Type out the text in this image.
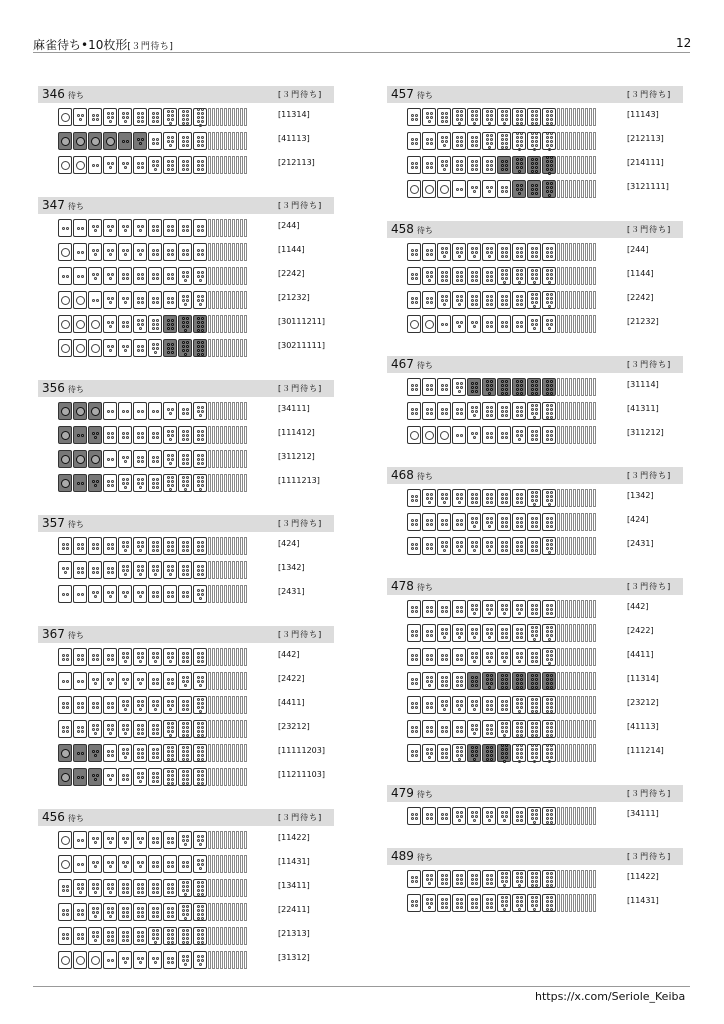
麻雀待ち•10枚形[３門待ち]	12
346 待ち	[３門待ち]
[11314]
[41113]
[212113]
347 待ち	[３門待ち]
[244]
[1144]
[2242]
[21232]
[30111211]
[30211111]
356 待ち	[３門待ち]
[34111]
[111412]
[311212]
[1111213]
357 待ち	[３門待ち]
[424]
[1342]
[2431]
367 待ち	[３門待ち]
[442]
[2422]
[4411]
[23212]
[11111203]
[11211103]
456 待ち	[３門待ち]
[11422]
[11431]
[13411]
[22411]
[21313]
[31312]
457 待ち	[３門待ち]
[11143]
[212113]
[214111]
[3121111]
458 待ち	[３門待ち]
[244]
[1144]
[2242]
[21232]
467 待ち	[３門待ち]
[31114]
[41311]
[311212]
468 待ち	[３門待ち]
[1342]
[424]
[2431]
478 待ち	[３門待ち]
[442]
[2422]
[4411]
[11314]
[23212]
[41113]
[111214]
479 待ち	[３門待ち]
[34111]
489 待ち	[３門待ち]
[11422]
[11431]
https://x.com/Seriole_Keiba
